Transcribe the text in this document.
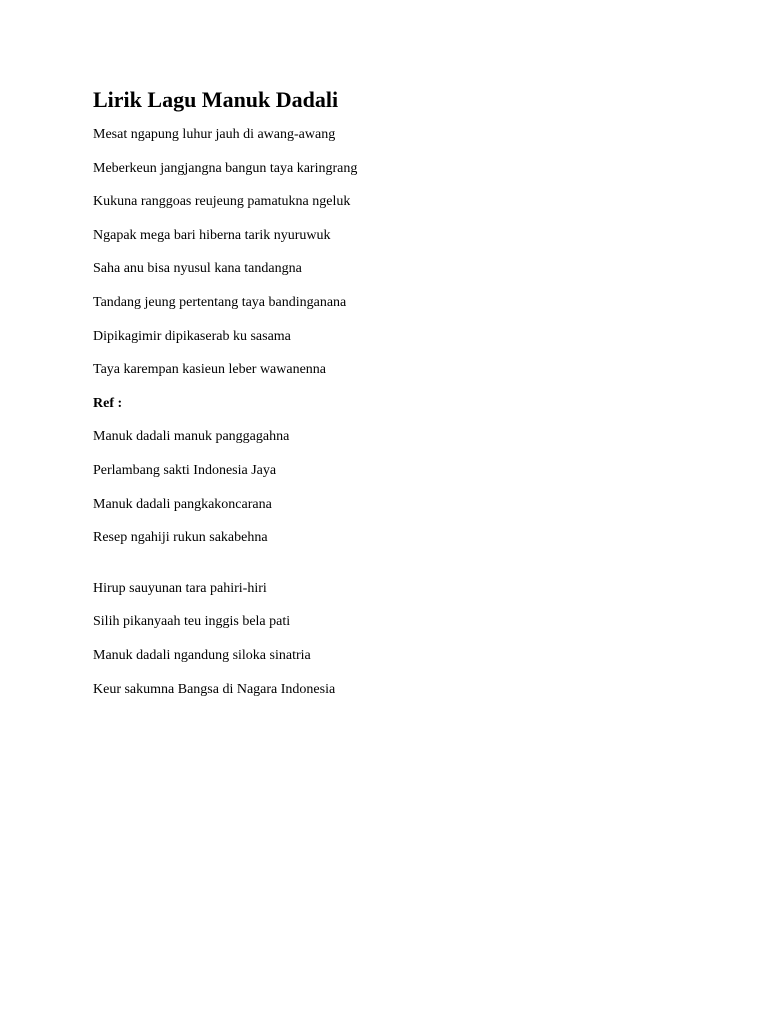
Lirik Lagu Manuk Dadali
Mesat ngapung luhur jauh di awang-awang
Meberkeun jangjangna bangun taya karingrang
Kukuna ranggoas reujeung pamatukna ngeluk
Ngapak mega bari hiberna tarik nyuruwuk
Saha anu bisa nyusul kana tandangna
Tandang jeung pertentang taya bandinganana
Dipikagimir dipikaserab ku sasama
Taya karempan kasieun leber wawanenna
Ref :
Manuk dadali manuk panggagahna
Perlambang sakti Indonesia Jaya
Manuk dadali pangkakoncarana
Resep ngahiji rukun sakabehna
Hirup sauyunan tara pahiri-hiri
Silih pikanyaah teu inggis bela pati
Manuk dadali ngandung siloka sinatria
Keur sakumna Bangsa di Nagara Indonesia
